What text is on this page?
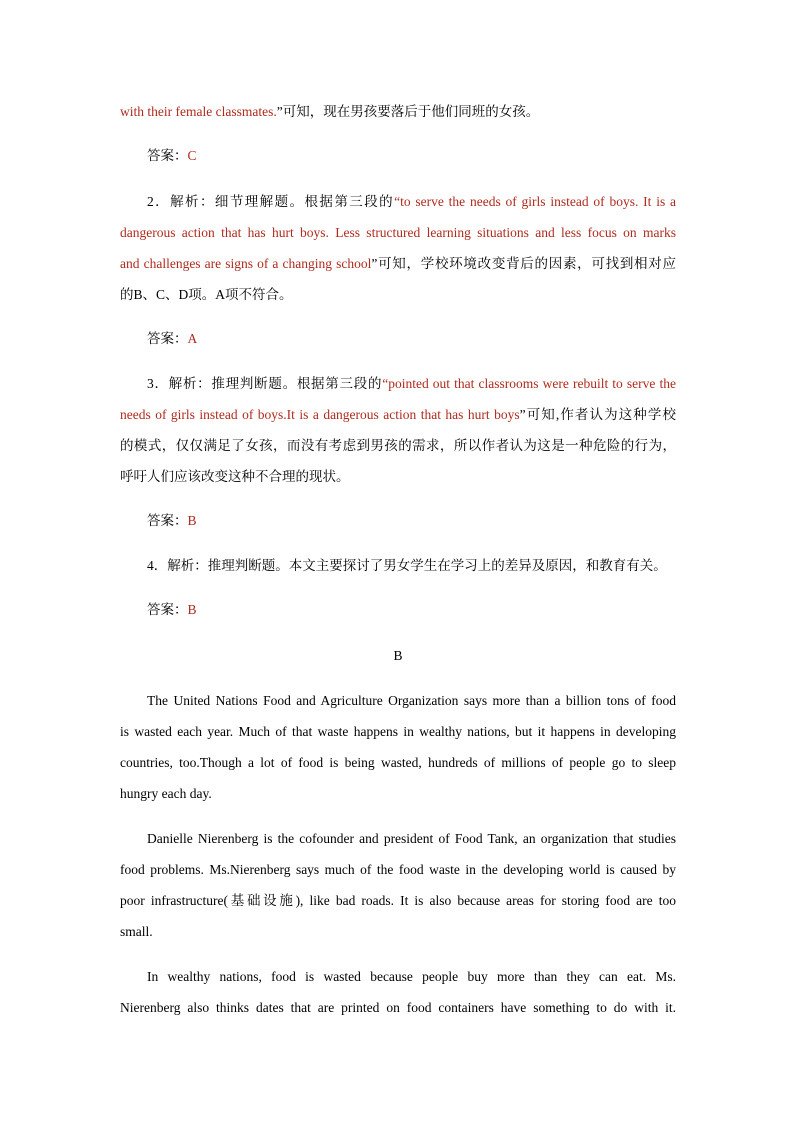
with their female classmates.”可知，现在男孩要落后于他们同班的女孩。
答案：C
2．解析：细节理解题。根据第三段的“to serve the needs of girls instead of boys. It is a
dangerous action that has hurt boys. Less structured learning situations and less focus on marks
and challenges are signs of a changing school”可知，学校环境改变背后的因素，可找到相对应
的B、C、D项。A项不符合。
答案：A
3．解析：推理判断题。根据第三段的“pointed out that classrooms were rebuilt to serve the
needs of girls instead of boys.It is a dangerous action that has hurt boys”可知,作者认为这种学校
的模式，仅仅满足了女孩，而没有考虑到男孩的需求，所以作者认为这是一种危险的行为，
呼吁人们应该改变这种不合理的现状。
答案：B
4．解析：推理判断题。本文主要探讨了男女学生在学习上的差异及原因，和教育有关。
答案：B
B
The United Nations Food and Agriculture Organization says more than a billion tons of food
is wasted each year. Much of that waste happens in wealthy nations, but it happens in developing
countries, too.Though a lot of food is being wasted, hundreds of millions of people go to sleep
hungry each day.
Danielle Nierenberg is the cofounder and president of Food Tank, an organization that studies
food problems. Ms.Nierenberg says much of the food waste in the developing world is caused by
poor infrastructure(基础设施), like bad roads. It is also because areas for storing food are too
small.
In wealthy nations, food is wasted because people buy more than they can eat. Ms.
Nierenberg also thinks dates that are printed on food containers have something to do with it.
